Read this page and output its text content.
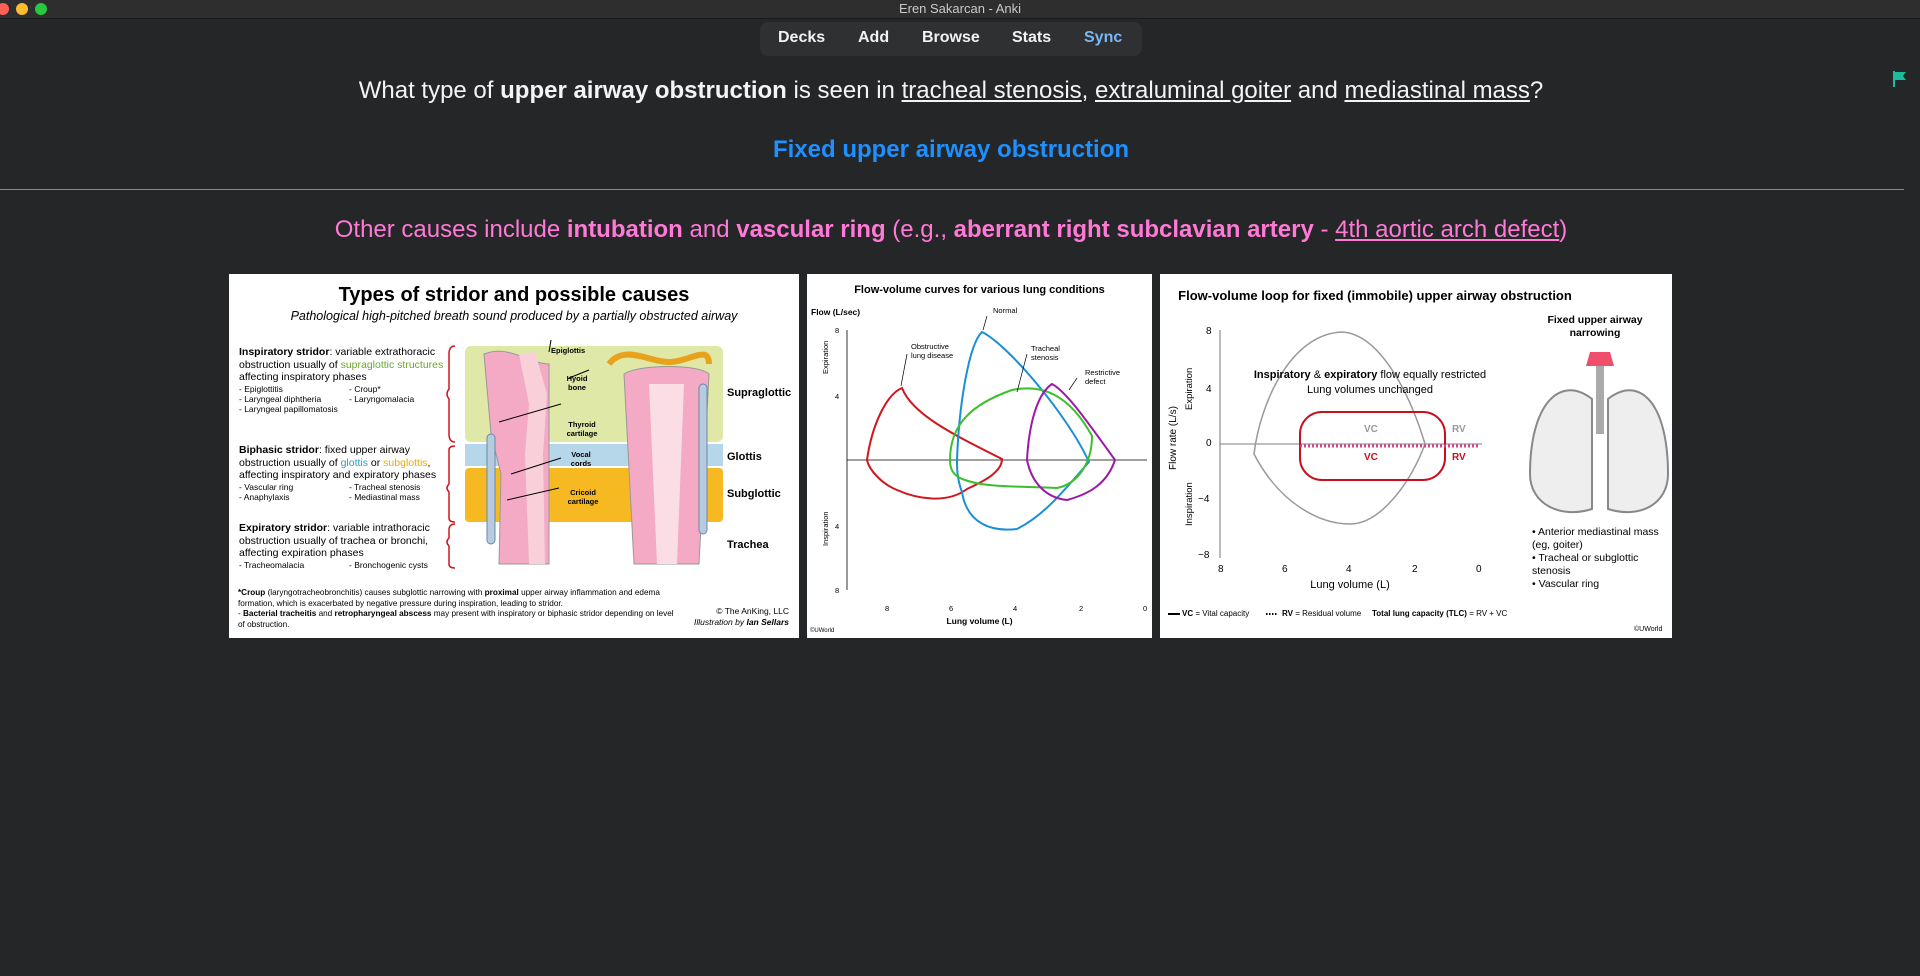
Eren Sakarcan - Anki
Decks Add Browse Stats Sync
What type of upper airway obstruction is seen in tracheal stenosis, extraluminal goiter and mediastinal mass?
Fixed upper airway obstruction
Other causes include intubation and vascular ring (e.g., aberrant right subclavian artery - 4th aortic arch defect)
Types of stridor and possible causes
Pathological high-pitched breath sound produced by a partially obstructed airway
Inspiratory stridor: variable extrathoracic obstruction usually of supraglottic structures affecting inspiratory phases
- Epiglottitis
- Laryngeal diphtheria
- Laryngeal papillomatosis
- Croup*
- Laryngomalacia
Biphasic stridor: fixed upper airway obstruction usually of glottis or subglottis, affecting inspiratory and expiratory phases
- Vascular ring
- Anaphylaxis
- Tracheal stenosis
- Mediastinal mass
Expiratory stridor: variable intrathoracic obstruction usually of trachea or bronchi, affecting expiration phases
- Tracheomalacia	- Bronchogenic cysts
Epiglottis
Hyoid bone
Thyroid cartilage
Vocal cords
Cricoid cartilage
Supraglottic
Glottis
Subglottic
Trachea
*Croup (laryngotracheobronchitis) causes subglottic narrowing with proximal upper airway inflammation and edema formation, which is exacerbated by negative pressure during inspiration, leading to stridor.
- Bacterial tracheitis and retropharyngeal abscess may present with inspiratory or biphasic stridor depending on level of obstruction.
© The AnKing, LLC
Illustration by Ian Sellars
Flow-volume curves for various lung conditions
Flow (L/sec)
Expiration
Inspiration
8
4
4
8
8	6	4	2	0
Lung volume (L)
Obstructive
lung disease
Normal
Tracheal
stenosis
Restrictive
defect
©UWorld
Flow-volume loop for fixed (immobile) upper airway obstruction
Flow rate (L/s)
Expiration
Inspiration
8
4
0
−4
−8
8	6	4	2	0
Lung volume (L)
Inspiratory & expiratory flow equally restricted
Lung volumes unchanged
VC	RV
VC	RV
Fixed upper airway
narrowing
• Anterior mediastinal mass (eg, goiter)
• Tracheal or subglottic stenosis
• Vascular ring
VC = Vital capacity	RV = Residual volume Total lung capacity (TLC) = RV + VC
©UWorld
